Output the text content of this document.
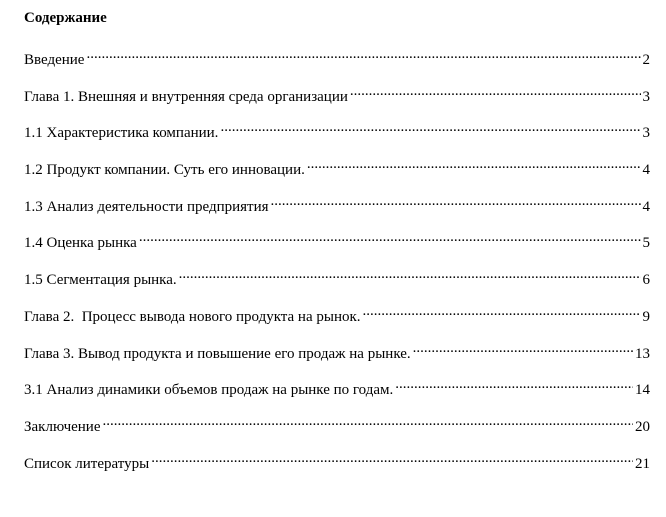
Содержание
Введение .....	2
Глава 1. Внешняя и внутренняя среда организации .....	3
1.1 Характеристика компании. .....	3
1.2 Продукт компании. Суть его инновации. .....	4
1.3 Анализ деятельности предприятия .....	4
1.4 Оценка рынка .....	5
1.5 Сегментация рынка. .....	6
Глава 2.  Процесс вывода нового продукта на рынок. .....	9
Глава 3. Вывод продукта и повышение его продаж на рынке. .....	13
3.1 Анализ динамики объемов продаж на рынке по годам. .....	14
Заключение .....	20
Список литературы .....	21
